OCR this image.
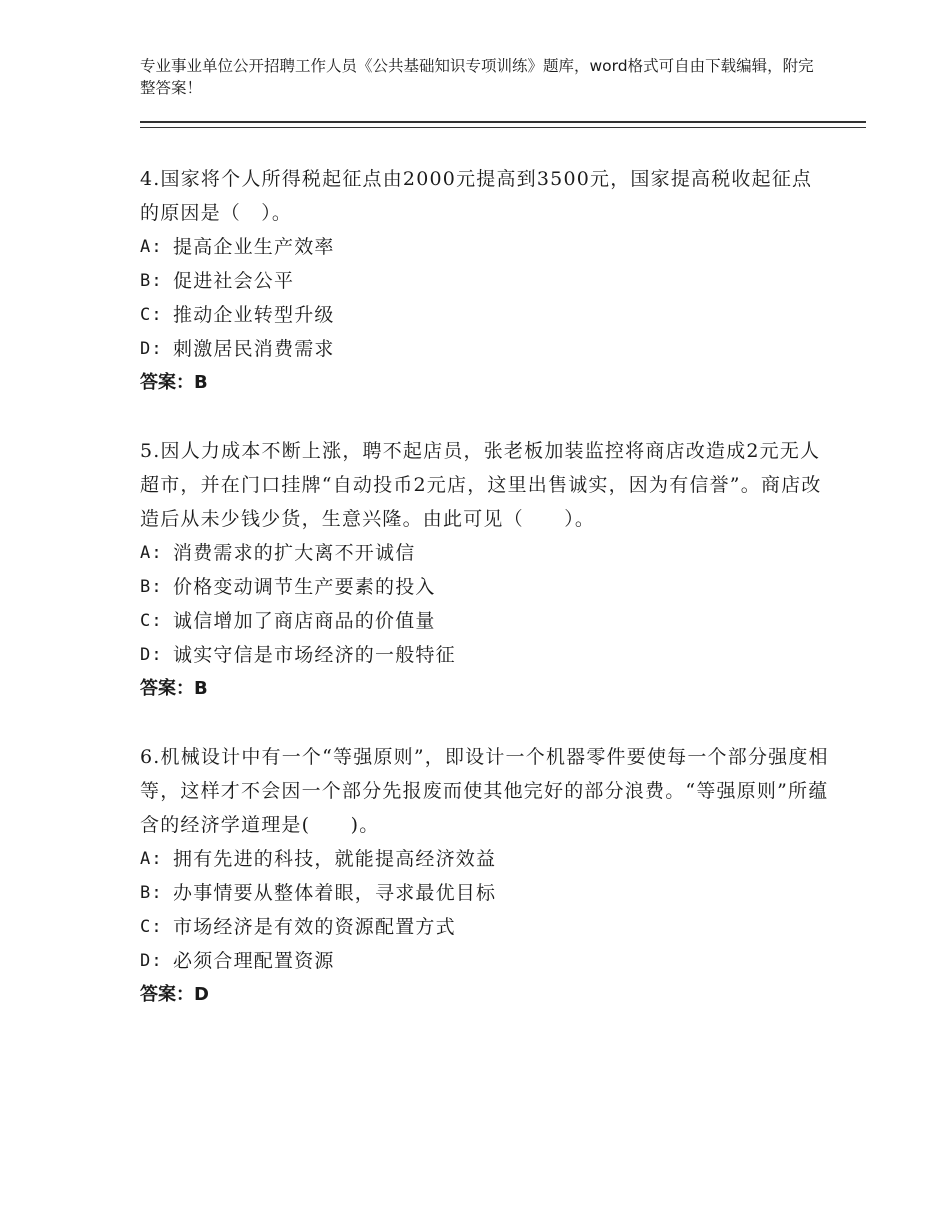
专业事业单位公开招聘工作人员《公共基础知识专项训练》题库，word格式可自由下载编辑，附完整答案！

4.国家将个人所得税起征点由2000元提高到3500元，国家提高税收起征点的原因是（　）。

A: 提高企业生产效率
B: 促进社会公平
C: 推动企业转型升级
D: 刺激居民消费需求

答案：B

5.因人力成本不断上涨，聘不起店员，张老板加装监控将商店改造成2元无人超市，并在门口挂牌“自动投币2元店，这里出售诚实，因为有信誉”。商店改造后从未少钱少货，生意兴隆。由此可见（　　）。

A: 消费需求的扩大离不开诚信
B: 价格变动调节生产要素的投入
C: 诚信增加了商店商品的价值量
D: 诚实守信是市场经济的一般特征

答案：B

6.机械设计中有一个“等强原则”，即设计一个机器零件要使每一个部分强度相等，这样才不会因一个部分先报废而使其他完好的部分浪费。“等强原则”所蕴含的经济学道理是(　　)。

A: 拥有先进的科技，就能提高经济效益
B: 办事情要从整体着眼，寻求最优目标
C: 市场经济是有效的资源配置方式
D: 必须合理配置资源

答案：D
